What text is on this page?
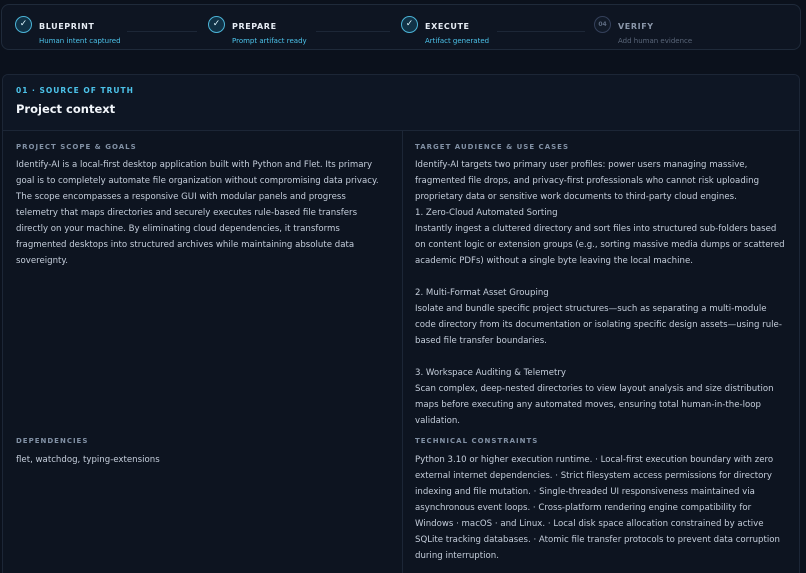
✓	BLUEPRINT
Human intent captured
✓	PREPARE
Prompt artifact ready
✓	EXECUTE
Artifact generated
04	VERIFY
Add human evidence
01 · SOURCE OF TRUTH
Project context
PROJECT SCOPE & GOALS

Identify-AI is a local-first desktop application built with Python and Flet. Its primary goal is to completely automate file organization without compromising data privacy. The scope encompasses a responsive GUI with modular panels and progress telemetry that maps directories and securely executes rule-based file transfers directly on your machine. By eliminating cloud dependencies, it transforms fragmented desktops into structured archives while maintaining absolute data sovereignty.

TARGET AUDIENCE & USE CASES

Identify-AI targets two primary user profiles: power users managing massive, fragmented file drops, and privacy-first professionals who cannot risk uploading proprietary data or sensitive work documents to third-party cloud engines.

1. Zero-Cloud Automated Sorting

Instantly ingest a cluttered directory and sort files into structured sub-folders based on content logic or extension groups (e.g., sorting massive media dumps or scattered academic PDFs) without a single byte leaving the local machine.

2. Multi-Format Asset Grouping

Isolate and bundle specific project structures—such as separating a multi-module code directory from its documentation or isolating specific design assets—using rule-based file transfer boundaries.

3. Workspace Auditing & Telemetry

Scan complex, deep-nested directories to view layout analysis and size distribution maps before executing any automated moves, ensuring total human-in-the-loop validation.

DEPENDENCIES

flet, watchdog, typing-extensions

TECHNICAL CONSTRAINTS

Python 3.10 or higher execution runtime. · Local-first execution boundary with zero external internet dependencies. · Strict filesystem access permissions for directory indexing and file mutation. · Single-threaded UI responsiveness maintained via asynchronous event loops. · Cross-platform rendering engine compatibility for Windows · macOS · and Linux. · Local disk space allocation constrained by active SQLite tracking databases. · Atomic file transfer protocols to prevent data corruption during interruption.
